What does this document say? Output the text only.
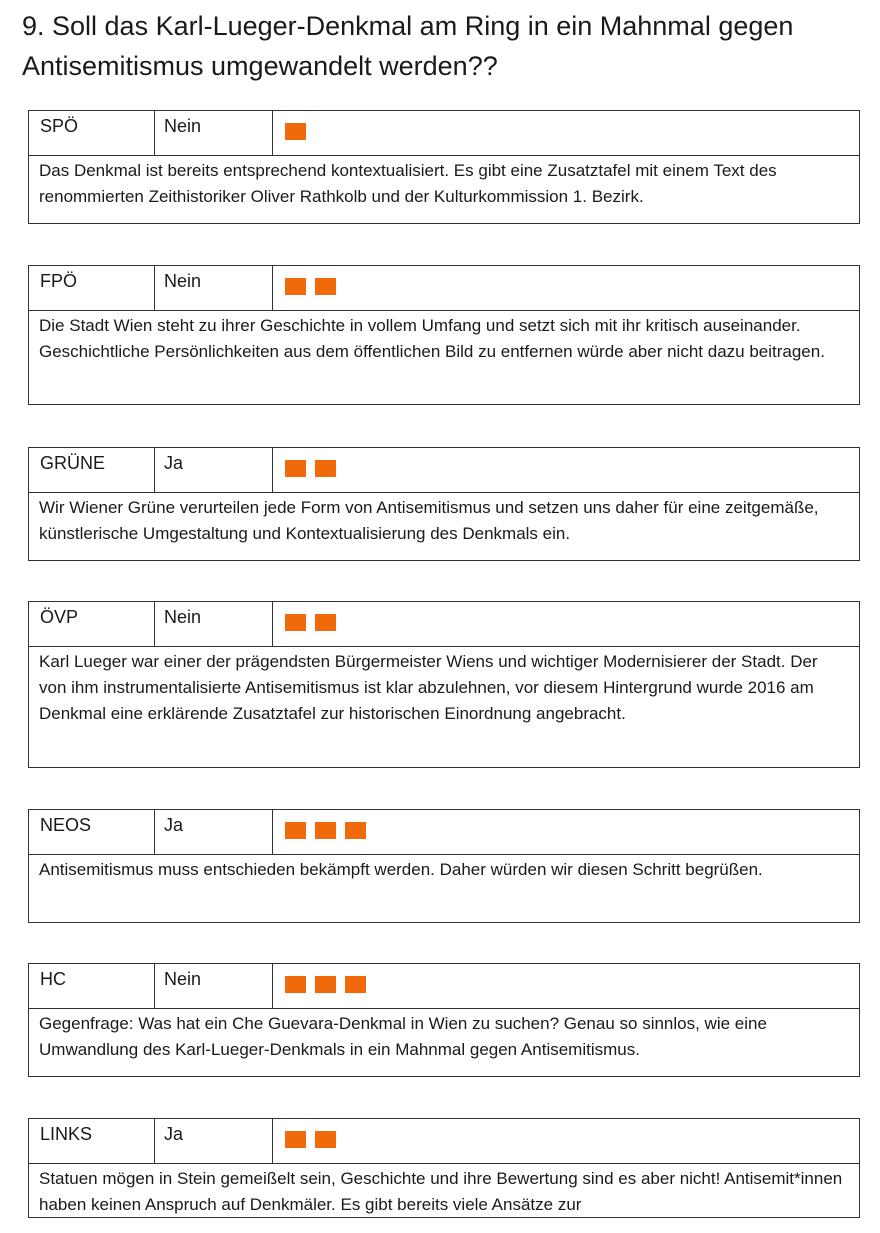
9. Soll das Karl-Lueger-Denkmal am Ring in ein Mahnmal gegen Antisemitismus umgewandelt werden??
SPÖ	Nein
Das Denkmal ist bereits entsprechend kontextualisiert. Es gibt eine Zusatztafel mit einem Text des renommierten Zeithistoriker Oliver Rathkolb und der Kulturkommission 1. Bezirk.
FPÖ	Nein
Die Stadt Wien steht zu ihrer Geschichte in vollem Umfang und setzt sich mit ihr kritisch auseinander. Geschichtliche Persönlichkeiten aus dem öffentlichen Bild zu entfernen würde aber nicht dazu beitragen.
GRÜNE	Ja
Wir Wiener Grüne verurteilen jede Form von Antisemitismus und setzen uns daher für eine zeitgemäße, künstlerische Umgestaltung und Kontextualisierung des Denkmals ein.
ÖVP	Nein
Karl Lueger war einer der prägendsten Bürgermeister Wiens und wichtiger Modernisierer der Stadt. Der von ihm instrumentalisierte Antisemitismus ist klar abzulehnen, vor diesem Hintergrund wurde 2016 am Denkmal eine erklärende Zusatztafel zur historischen Einordnung angebracht.
NEOS	Ja
Antisemitismus muss entschieden bekämpft werden. Daher würden wir diesen Schritt begrüßen.
HC	Nein
Gegenfrage: Was hat ein Che Guevara-Denkmal in Wien zu suchen? Genau so sinnlos, wie eine Umwandlung des Karl-Lueger-Denkmals in ein Mahnmal gegen Antisemitismus.
LINKS	Ja
Statuen mögen in Stein gemeißelt sein, Geschichte und ihre Bewertung sind es aber nicht! Antisemit*innen haben keinen Anspruch auf Denkmäler. Es gibt bereits viele Ansätze zur
